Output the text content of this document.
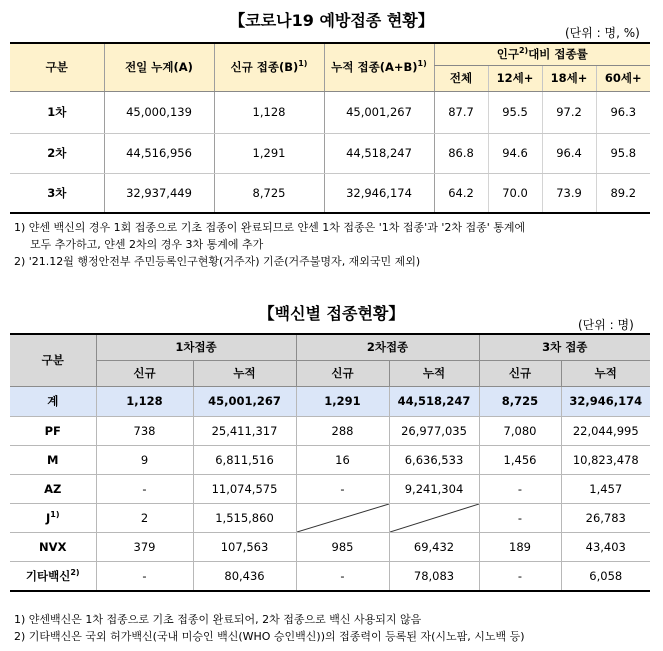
【코로나19 예방접종 현황】
(단위 : 명, %)
구분	전일 누계(A)	신규 접종$(B)^{1)}$	누적 접종$(A+B)^{1)}$	인구$^{2)}$대비 접종률			
				전체	12세+	18세+	60세+
1차	45,000,139	1,128	45,001,267	87.7	95.5	97.2	96.3
2차	44,516,956	1,291	44,518,247	86.8	94.6	96.4	95.8
3차	32,937,449	8,725	32,946,174	64.2	70.0	73.9	89.2
1) 얀센 백신의 경우 1회 접종으로 기초 접종이 완료되므로 얀센 1차 접종은 '1차 접종'과 '2차 접종' 통계에
모두 추가하고, 얀센 2차의 경우 3차 통계에 추가
2) '21.12월 행정안전부 주민등록인구현황(거주자) 기준(거주불명자, 재외국민 제외)
【백신별 접종현황】
(단위 : 명)
구분	1차접종		2차접종		3차 접종	
	신규	누적	신규	누적	신규	누적
계	1,128	45,001,267	1,291	44,518,247	8,725	32,946,174
PF	738	25,411,317	288	26,977,035	7,080	22,044,995
M	9	6,811,516	16	6,636,533	1,456	10,823,478
AZ	-	11,074,575	-	9,241,304	-	1,457
$J^{1)}$	2	1,515,860			-	26,783
NVX	379	107,563	985	69,432	189	43,403
기타백신$^{2)}$	-	80,436	-	78,083	-	6,058
1) 얀센백신은 1차 접종으로 기초 접종이 완료되어, 2차 접종으로 백신 사용되지 않음
2) 기타백신은 국외 허가백신(국내 미승인 백신(WHO 승인백신))의 접종력이 등록된 자(시노팜, 시노백 등)
